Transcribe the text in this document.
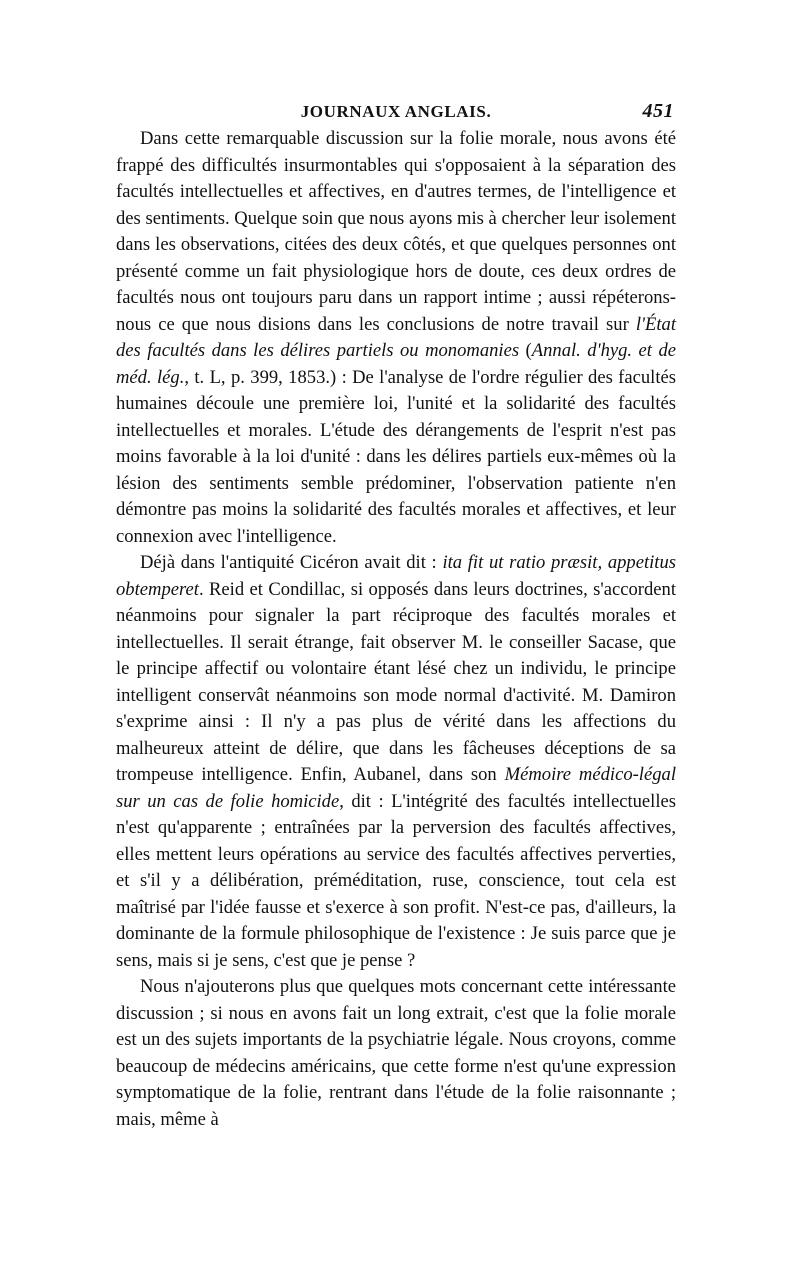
JOURNAUX ANGLAIS.	451

Dans cette remarquable discussion sur la folie morale, nous avons été frappé des difficultés insurmontables qui s'opposaient à la séparation des facultés intellectuelles et affectives, en d'autres termes, de l'intelligence et des sentiments. Quelque soin que nous ayons mis à chercher leur isolement dans les observations, citées des deux côtés, et que quelques personnes ont présenté comme un fait physiologique hors de doute, ces deux ordres de facultés nous ont toujours paru dans un rapport intime ; aussi répéterons-nous ce que nous disions dans les conclusions de notre travail sur l'État des facultés dans les délires partiels ou monomanies (Annal. d'hyg. et de méd. lég., t. L, p. 399, 1853.) : De l'analyse de l'ordre régulier des facultés humaines découle une première loi, l'unité et la solidarité des facultés intellectuelles et morales. L'étude des dérangements de l'esprit n'est pas moins favorable à la loi d'unité : dans les délires partiels eux-mêmes où la lésion des sentiments semble prédominer, l'observation patiente n'en démontre pas moins la solidarité des facultés morales et affectives, et leur connexion avec l'intelligence.

Déjà dans l'antiquité Cicéron avait dit : ita fit ut ratio præsit, appetitus obtemperet. Reid et Condillac, si opposés dans leurs doctrines, s'accordent néanmoins pour signaler la part réciproque des facultés morales et intellectuelles. Il serait étrange, fait observer M. le conseiller Sacase, que le principe affectif ou volontaire étant lésé chez un individu, le principe intelligent conservât néanmoins son mode normal d'activité. M. Damiron s'exprime ainsi : Il n'y a pas plus de vérité dans les affections du malheureux atteint de délire, que dans les fâcheuses déceptions de sa trompeuse intelligence. Enfin, Aubanel, dans son Mémoire médico-légal sur un cas de folie homicide, dit : L'intégrité des facultés intellectuelles n'est qu'apparente ; entraînées par la perversion des facultés affectives, elles mettent leurs opérations au service des facultés affectives perverties, et s'il y a délibération, préméditation, ruse, conscience, tout cela est maîtrisé par l'idée fausse et s'exerce à son profit. N'est-ce pas, d'ailleurs, la dominante de la formule philosophique de l'existence : Je suis parce que je sens, mais si je sens, c'est que je pense ?

Nous n'ajouterons plus que quelques mots concernant cette intéressante discussion ; si nous en avons fait un long extrait, c'est que la folie morale est un des sujets importants de la psychiatrie légale. Nous croyons, comme beaucoup de médecins américains, que cette forme n'est qu'une expression symptomatique de la folie, rentrant dans l'étude de la folie raisonnante ; mais, même à
